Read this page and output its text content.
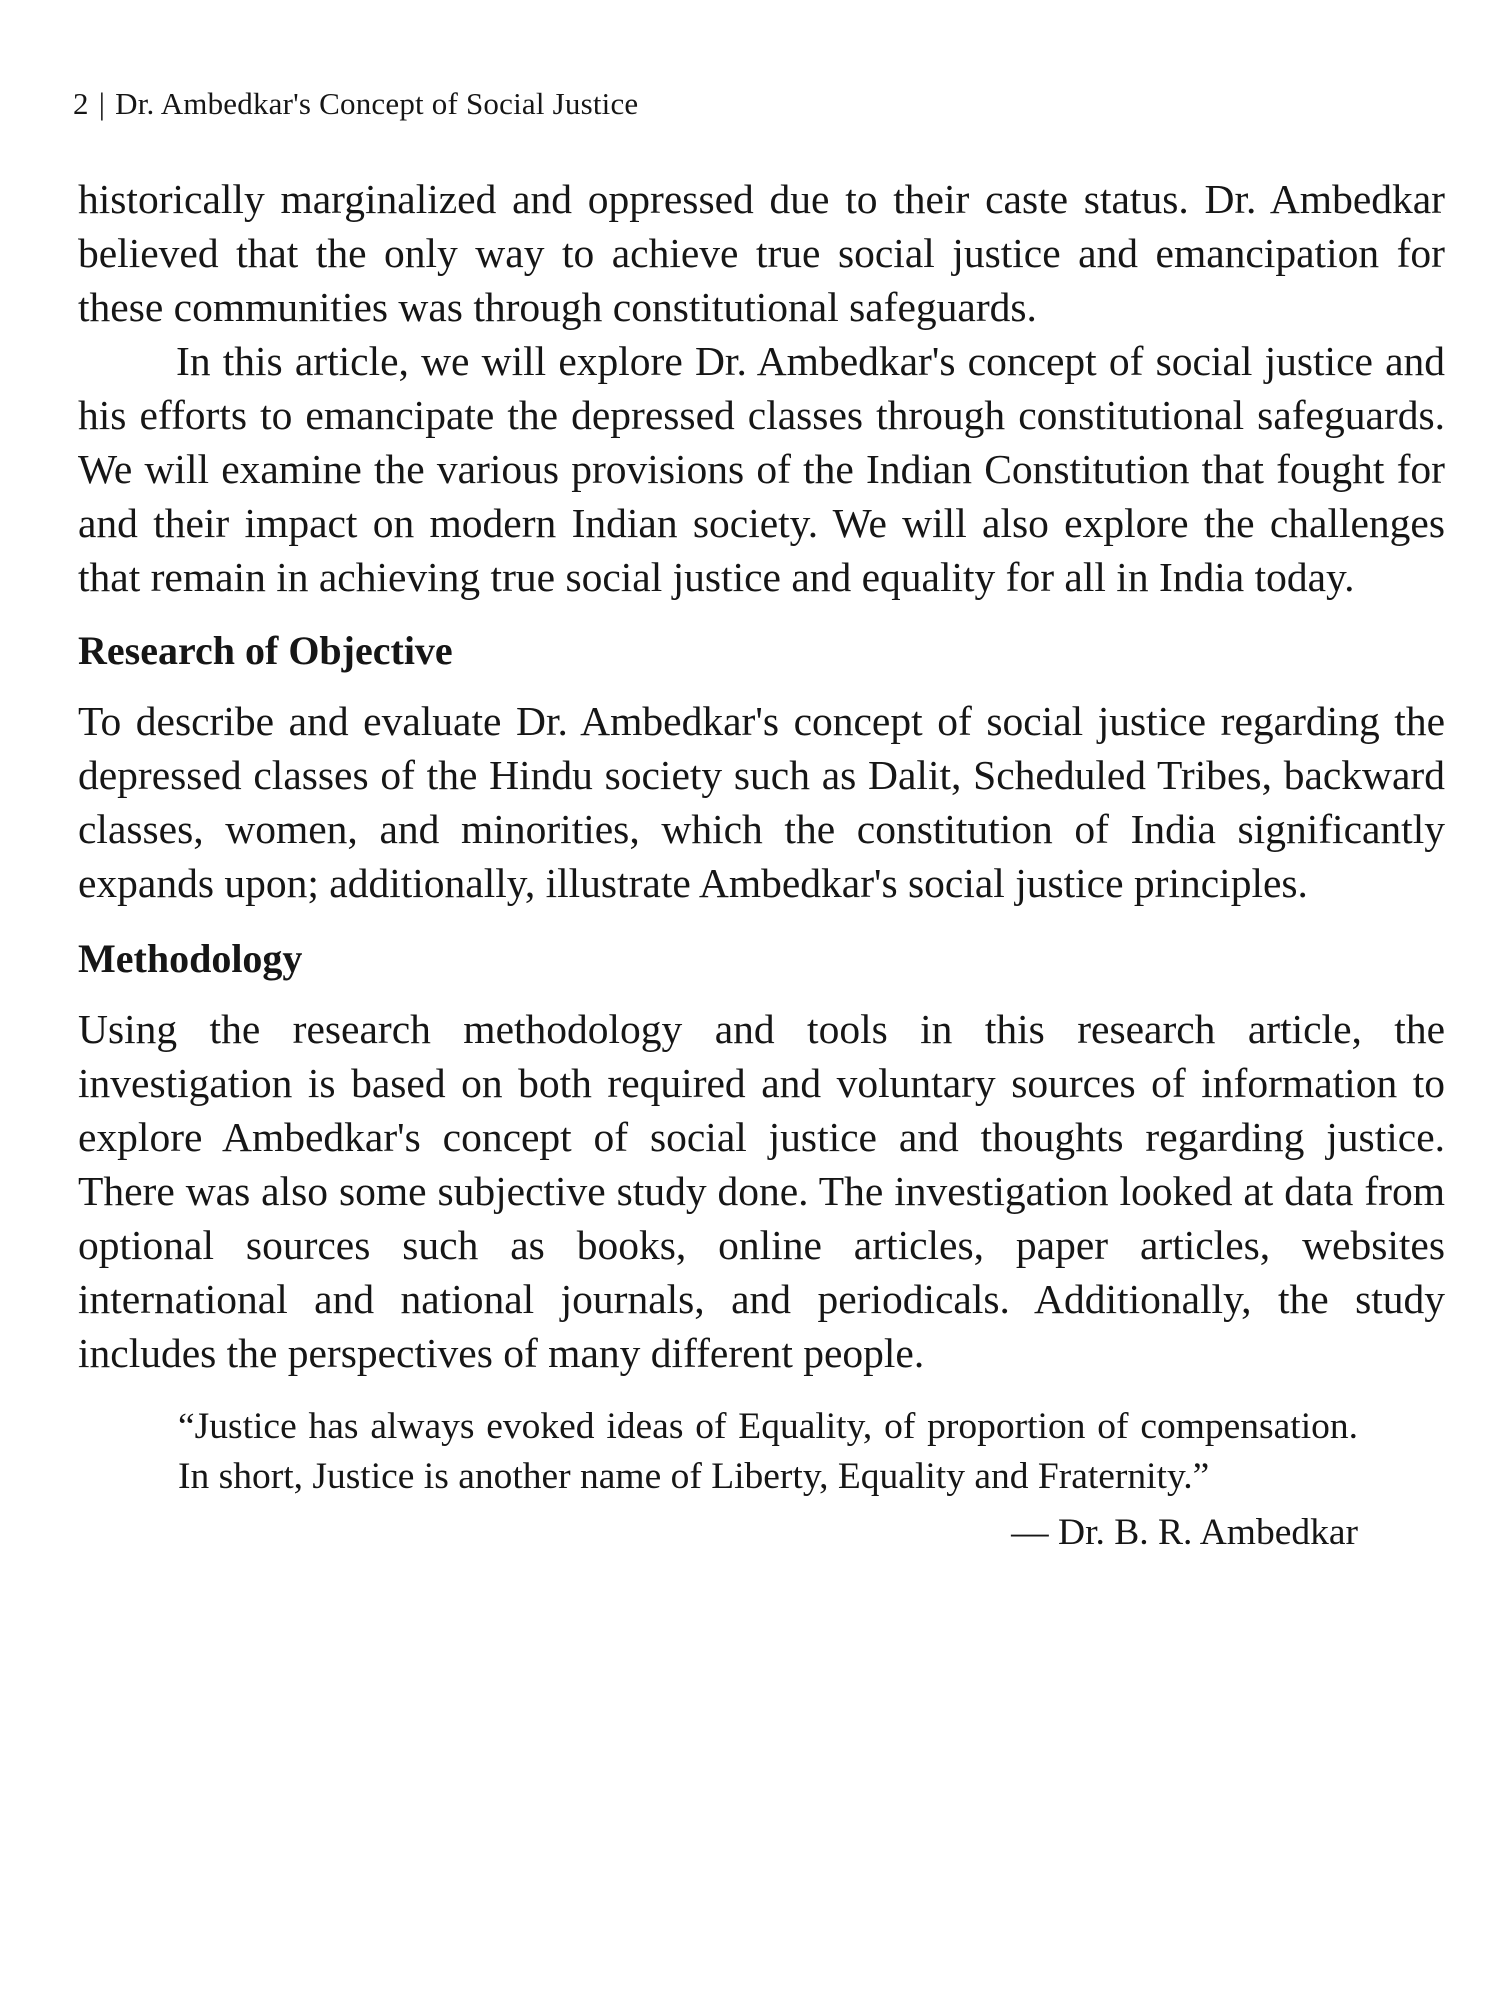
2 | Dr. Ambedkar's Concept of Social Justice

historically marginalized and oppressed due to their caste status. Dr. Ambedkar believed that the only way to achieve true social justice and emancipation for these communities was through constitutional safeguards.

In this article, we will explore Dr. Ambedkar's concept of social justice and his efforts to emancipate the depressed classes through constitutional safeguards. We will examine the various provisions of the Indian Constitution that fought for and their impact on modern Indian society. We will also explore the challenges that remain in achieving true social justice and equality for all in India today.

Research of Objective

To describe and evaluate Dr. Ambedkar's concept of social justice regarding the depressed classes of the Hindu society such as Dalit, Scheduled Tribes, backward classes, women, and minorities, which the constitution of India significantly expands upon; additionally, illustrate Ambedkar's social justice principles.

Methodology

Using the research methodology and tools in this research article, the investigation is based on both required and voluntary sources of information to explore Ambedkar's concept of social justice and thoughts regarding justice. There was also some subjective study done. The investigation looked at data from optional sources such as books, online articles, paper articles, websites international and national journals, and periodicals. Additionally, the study includes the perspectives of many different people.

“Justice has always evoked ideas of Equality, of proportion of compensation. In short, Justice is another name of Liberty, Equality and Fraternity.”
— Dr. B. R. Ambedkar
